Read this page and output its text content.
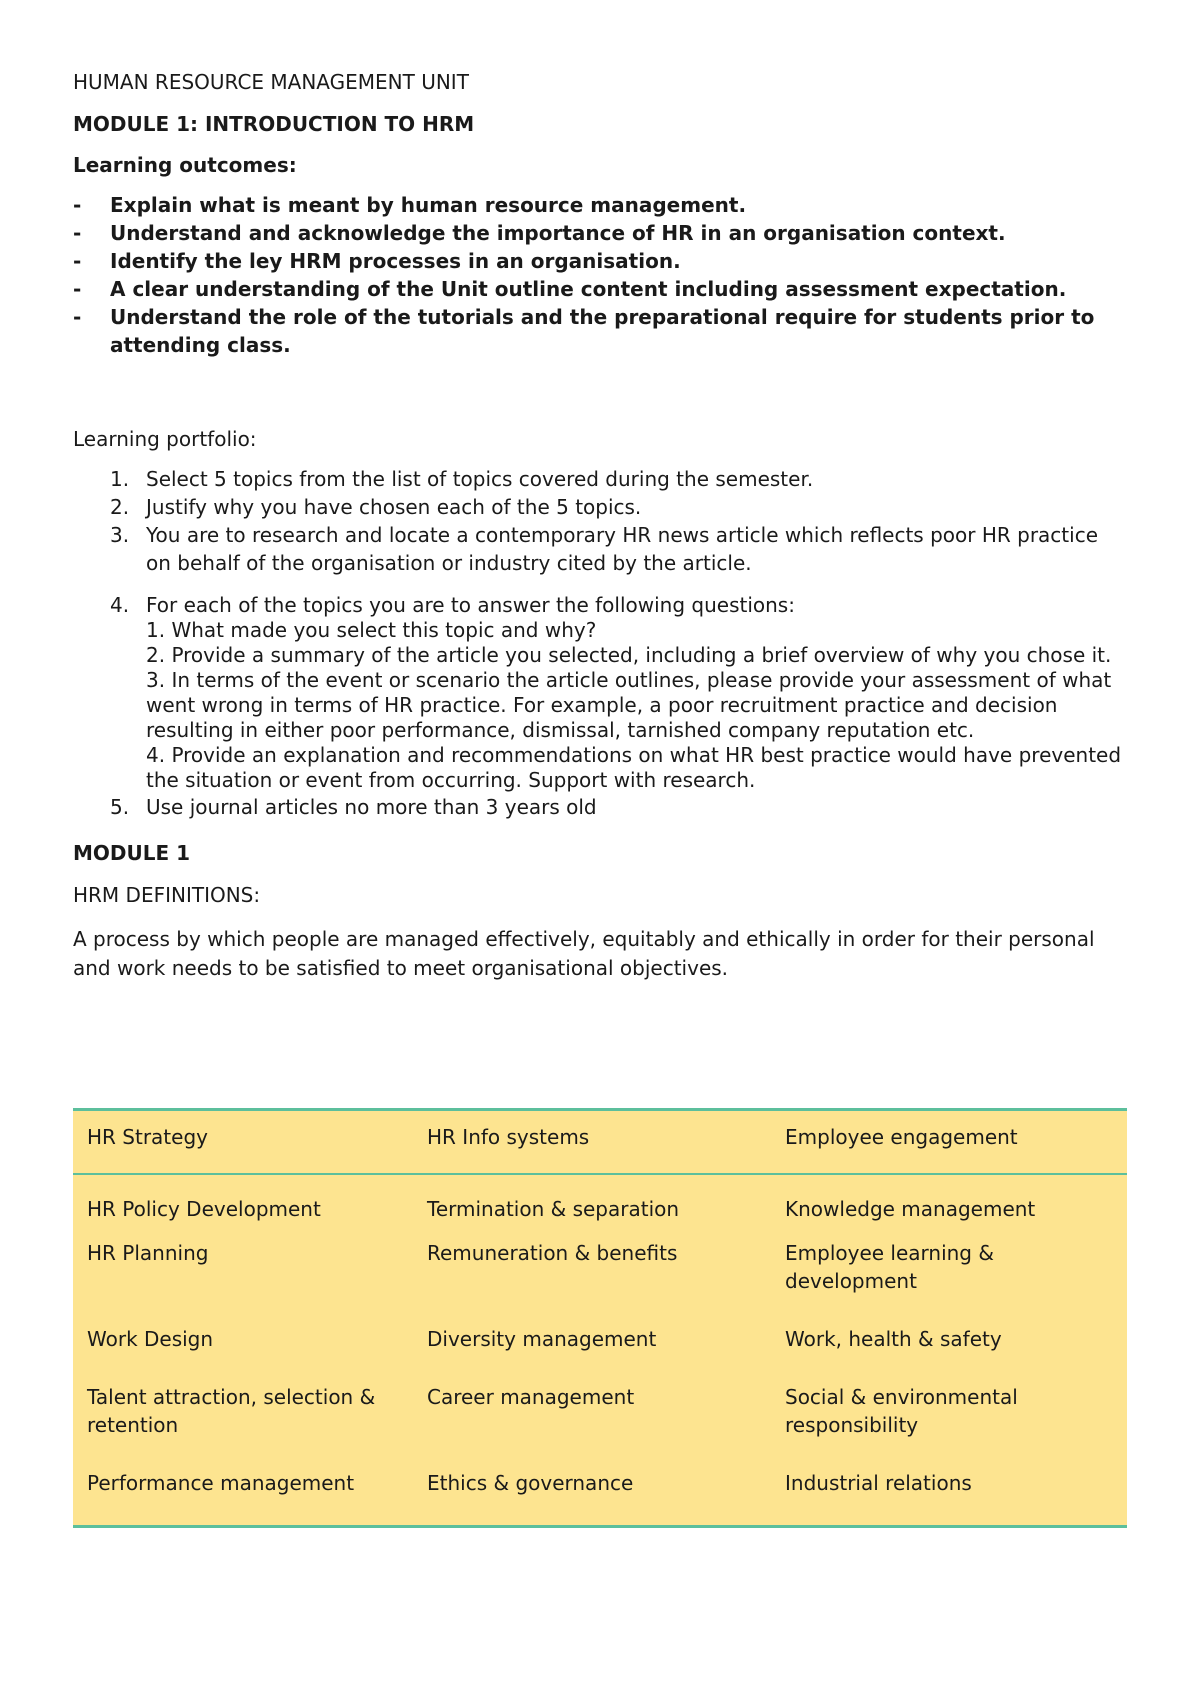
HUMAN RESOURCE MANAGEMENT UNIT

MODULE 1: INTRODUCTION TO HRM

Learning outcomes:

- Explain what is meant by human resource management.
- Understand and acknowledge the importance of HR in an organisation context.
- Identify the ley HRM processes in an organisation.
- A clear understanding of the Unit outline content including assessment expectation.
- Understand the role of the tutorials and the preparational require for students prior to attending class.

Learning portfolio:

1. Select 5 topics from the list of topics covered during the semester.
2. Justify why you have chosen each of the 5 topics.
3. You are to research and locate a contemporary HR news article which reflects poor HR practice on behalf of the organisation or industry cited by the article.
4. For each of the topics you are to answer the following questions:
1. What made you select this topic and why?
2. Provide a summary of the article you selected, including a brief overview of why you chose it.
3. In terms of the event or scenario the article outlines, please provide your assessment of what went wrong in terms of HR practice. For example, a poor recruitment practice and decision resulting in either poor performance, dismissal, tarnished company reputation etc.
4. Provide an explanation and recommendations on what HR best practice would have prevented the situation or event from occurring. Support with research.
5. Use journal articles no more than 3 years old

MODULE 1

HRM DEFINITIONS:

A process by which people are managed effectively, equitably and ethically in order for their personal and work needs to be satisfied to meet organisational objectives.

HR Strategy	HR Info systems	Employee engagement
HR Policy Development	Termination & separation	Knowledge management
HR Planning	Remuneration & benefits	Employee learning & development
Work Design	Diversity management	Work, health & safety
Talent attraction, selection & retention	Career management	Social & environmental responsibility
Performance management	Ethics & governance	Industrial relations
